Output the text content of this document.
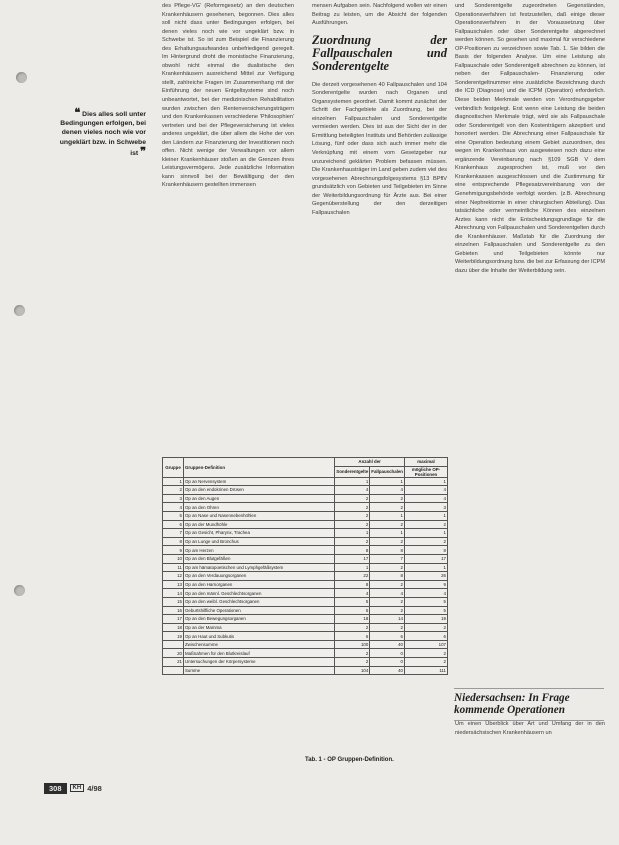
❝ Dies alles soll unter Bedingungen erfolgen, bei denen vieles noch wie vor ungeklärt bzw. in Schwebe ist ❞

des Pflege-VG' (Reformgesetz) an den deutschen Krankenhäusern gesehenen, begonnen. Dies alles soll nicht dass unter Bedingungen erfolgen, bei denen vieles noch wie vor ungeklärt bzw. in Schwebe ist. So ist zum Beispiel die Finanzierung des Erhaltungsaufwandes unbefriedigend geregelt. Im Hintergrund droht die monistische Finanzierung, obwohl nicht einmal die dualistische den Krankenhäusern ausreichend Mittel zur Verfügung stellt, zahlreiche Fragen im Zusammenhang mit der Einführung der neuen Entgeltsysteme sind noch unbeantwortet, bei der medizinischen Rehabilitation wurden zwischen den Rentenversicherungsträgern und den Krankenkassen verschiedene 'Philosophien' vertreten und bei der Pflegeversicherung ist vieles anderes ungeklärt, die über allem die Hohe der von den Ländern zur Finanzierung der Investitionen noch offen. Nicht wenige der Verwaltungen vor allem kleiner Krankenhäuser stoßen an die Grenzen ihres Leistungsvermögens. Jede zusätzliche Information kann sinnvoll bei der Bewältigung der den Krankenhäusern gestellten immensen

mensen Aufgaben sein. Nachfolgend wollen wir einen Beitrag zu leisten, um die Absicht der folgenden Ausführungen.

Zuordnung der Fallpauschalen und Sonderentgelte

Die derzeit vorgesehenen 40 Fallpauschalen und 104 Sonderentgelte wurden nach Organen und Organsystemen geordnet. Damit kommt zunächst der Schritt der Fachgebiete als Zuordnung, bei der einzelnen Fallpauschalen und Sonderentgelte vermieden werden. Dies ist aus der Sicht der in der Ermittlung beteiligten Instituts und Behörden zulässige Lösung, fünf oder dass sich auch immer mehr die Verknüpfung mit einem vom Gesetzgeber nur unzureichend geklärten Problem befassen müssen. Die Krankenhausträger im Land geben zudem viel des vorgesehenen Abrechnungsfolgesystems §13 BPflV grundsätzlich von Gebieten und Teilgebieten im Sinne der Weiterbildungsordnung für Ärzte aus. Bei einer Gegenüberstellung der den derzeitigen Fallpauschalen

und Sonderentgelte zugeordneten Gegenständen, Operationsverfahren ist festzustellen, daß einige dieser Operationsverfahren in der Voraussetzung über Fallpauschalen oder über Sonderentgelte abgerechnet werden können. So gesehen und maximal für verschiedene OP-Positionen zu verzeichnen sowie Tab. 1. Sie bilden die Basis der folgenden Analyse. Um eine Leistung als Fallpauschale oder Sonderentgelt abrechnen zu können, ist neben der Fallpauschalen- Finanzierung oder Sonderentgeltnummer eine zusätzliche Bezeichnung durch die ICD (Diagnose) und die ICPM (Operation) erforderlich. Diese beiden Merkmale werden von Verordnungsgeber verbindlich festgelegt. Erst wenn eine Leistung die beiden diagnostischen Merkmale trägt, wird sie als Fallpauschale oder Sonderentgelt von den Kostenträgern akzeptiert und honoriert werden. Die Abrechnung einer Fallpauschale für eine Operation bedeutung einem Gebiet zuzuordnen, des wegen im Krankenhaus von ausgewiesen noch dazu eine ergänzende Vereinbarung nach §109 SGB V dem Krankenhaus zugesprochen ist, muß vor den Krankenkassen ausgeschlossen und die Zustimmung für eine entsprechende Pflegesatzvereinbarung von der Genehmigungsbehörde verfolgt worden. (z.B. Abrechnung einer Nephrektomie in einer chirurgischen Abteilung). Das tatsächliche oder vermeintliche Können des einzelnen Arztes kann nicht die Entscheidungsgrundlage für die Abrechnung von Fallpauschalen und Sonderentgelten durch die Krankenhäuser. Maßstab für die Zuordnung der einzelnen Fallpauschalen und Sonderentgelte zu den Gebieten und Teilgebieten könnte nur Weiterbildungsordnung bzw. die bei zur Erfassung der ICPM dazu über die Inhalte der Weiterbildung sein.

Niedersachsen: In Frage kommende Operationen

Um einen Überblick über Art und Umfang der in den niedersächsischen Krankenhäusern un

Gruppe	Gruppen-Definition	Anzahl der		maximal
		Sonderentgelte	Fallpauschalen	mögliche OP-Positionen
1	Op an Nervensystem	1	1	1
2	Op an den endokrinen Drüsen	4	4	4
3	Op an den Augen	2	2	4
4	Op an den Ohren	2	2	3
5	Op an Nase und Nasennebenhöhlen	2	1	1
6	Op an der Mundhöhle	2	2	2
7	Op an Gesicht, Pharynx, Trachea	1	1	1
8	Op an Lunge und Bronchus	2	2	2
9	Op am Herzen	8	8	8
10	Op an den Blutgefäßen	17	7	17
11	Op am hämatopoetischen und Lymphgefäßsystem	1	2	1
12	Op an den Verdauungsorganen	22	8	26
13	Op an den Harnorganen	8	2	9
14	Op an den männl. Geschlechtsorganen	4	4	4
15	Op an den weibl. Geschlechtsorganen	5	2	5
16	Geburtshilfliche Operationen	5	2	5
17	Op an den Bewegungsorganen	18	14	19
18	Op an der Mamma	2	2	2
19	Op an Haut und Subkutis	6	6	6
	Zwischensumme	100	40	107
20	Maßnahmen für den Blutkreislauf	2	0	2
21	Untersuchungen der Körpersysteme	2	0	2
	Summe	104	40	111
Tab. 1 - OP Gruppen-Definition.
308	KH 4/98
